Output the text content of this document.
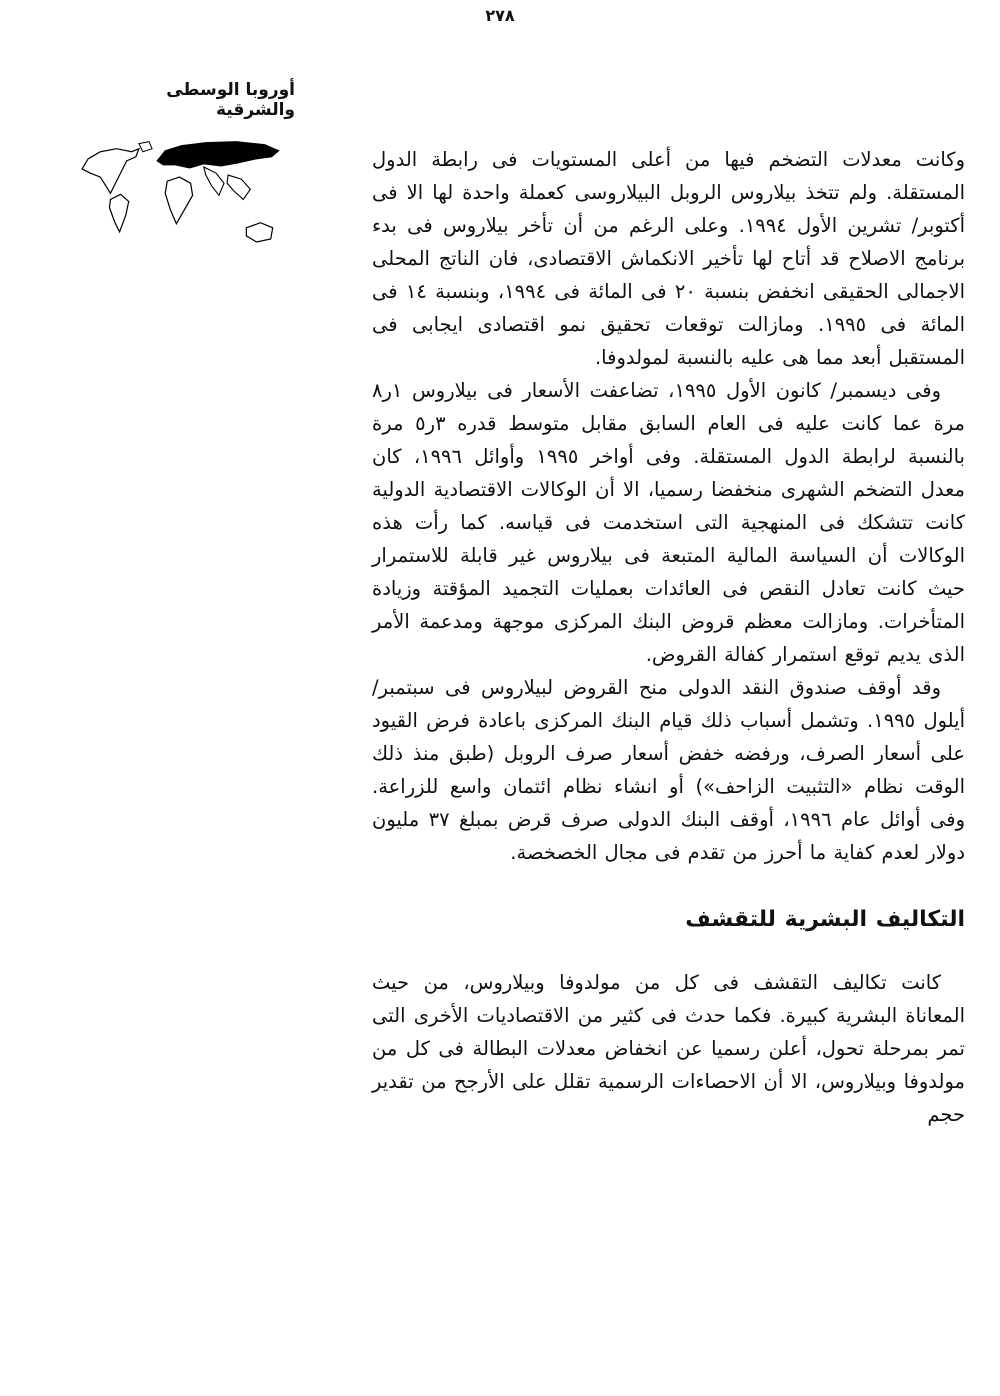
٢٧٨
أوروبا الوسطى والشرقية

وكانت معدلات التضخم فيها من أعلى المستويات فى رابطة الدول المستقلة. ولم تتخذ بيلاروس الروبل البيلاروسى كعملة واحدة لها الا فى أكتوبر/ تشرين الأول ١٩٩٤. وعلى الرغم من أن تأخر بيلاروس فى بدء برنامج الاصلاح قد أتاح لها تأخير الانكماش الاقتصادى، فان الناتج المحلى الاجمالى الحقيقى انخفض بنسبة ٢٠ فى المائة فى ١٩٩٤، وبنسبة ١٤ فى المائة فى ١٩٩٥. ومازالت توقعات تحقيق نمو اقتصادى ايجابى فى المستقبل أبعد مما هى عليه بالنسبة لمولدوفا.

وفى ديسمبر/ كانون الأول ١٩٩٥، تضاعفت الأسعار فى بيلاروس ١ر٨ مرة عما كانت عليه فى العام السابق مقابل متوسط قدره ٣ر٥ مرة بالنسبة لرابطة الدول المستقلة. وفى أواخر ١٩٩٥ وأوائل ١٩٩٦، كان معدل التضخم الشهرى منخفضا رسميا، الا أن الوكالات الاقتصادية الدولية كانت تتشكك فى المنهجية التى استخدمت فى قياسه. كما رأت هذه الوكالات أن السياسة المالية المتبعة فى بيلاروس غير قابلة للاستمرار حيث كانت تعادل النقص فى العائدات بعمليات التجميد المؤقتة وزيادة المتأخرات. ومازالت معظم قروض البنك المركزى موجهة ومدعمة الأمر الذى يديم توقع استمرار كفالة القروض.

وقد أوقف صندوق النقد الدولى منح القروض لبيلاروس فى سبتمبر/ أيلول ١٩٩٥. وتشمل أسباب ذلك قيام البنك المركزى باعادة فرض القيود على أسعار الصرف، ورفضه خفض أسعار صرف الروبل (طبق منذ ذلك الوقت نظام «التثبيت الزاحف») أو انشاء نظام ائتمان واسع للزراعة. وفى أوائل عام ١٩٩٦، أوقف البنك الدولى صرف قرض بمبلغ ٣٧ مليون دولار لعدم كفاية ما أحرز من تقدم فى مجال الخصخصة.

التكاليف البشرية للتقشف

كانت تكاليف التقشف فى كل من مولدوفا وبيلاروس، من حيث المعاناة البشرية كبيرة. فكما حدث فى كثير من الاقتصاديات الأخرى التى تمر بمرحلة تحول، أعلن رسميا عن انخفاض معدلات البطالة فى كل من مولدوفا وبيلاروس، الا أن الاحصاءات الرسمية تقلل على الأرجح من تقدير حجم
